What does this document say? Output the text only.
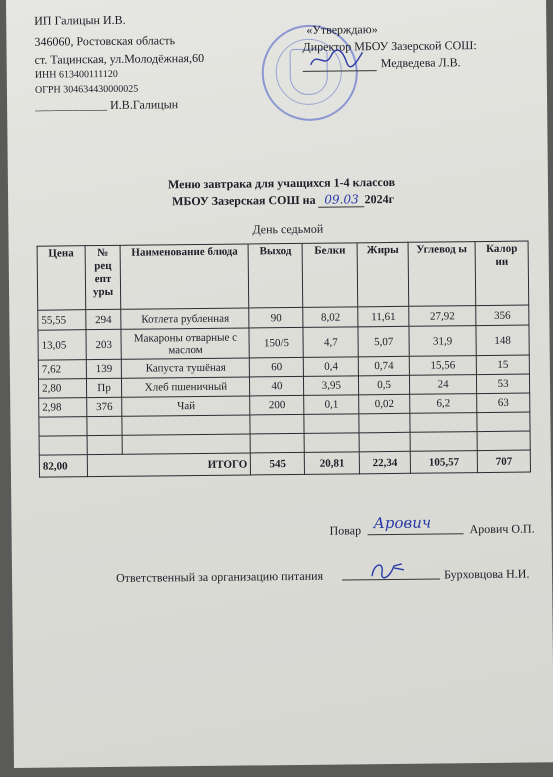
ИП Галицын И.В.
346060, Ростовская область
ст. Тацинская, ул.Молодёжная,60
ИНН 613400111120
ОГРН 304634430000025
____________ И.В.Галицын
«Утверждаю»
Директор МБОУ Зазерской СОШ:
Медведева Л.В.
Меню завтрака для учащихся 1-4 классов
МБОУ Зазерская СОШ на 09.03 2024г
День седьмой
Цена	№ рец епт уры	Наименование блюда	Выход	Белки	Жиры	Углевод ы	Калор ии
55,55	294	Котлета рубленная	90	8,02	11,61	27,92	356
13,05	203	Макароны отварные с маслом	150/5	4,7	5,07	31,9	148
7,62	139	Капуста тушёная	60	0,4	0,74	15,56	15
2,80	Пр	Хлеб пшеничный	40	3,95	0,5	24	53
2,98	376	Чай	200	0,1	0,02	6,2	63

82,00	ИТОГО		545	20,81	22,34	105,57	707
Повар Арович	Арович О.П.
Ответственный за организацию питания	Бурховцова Н.И.
